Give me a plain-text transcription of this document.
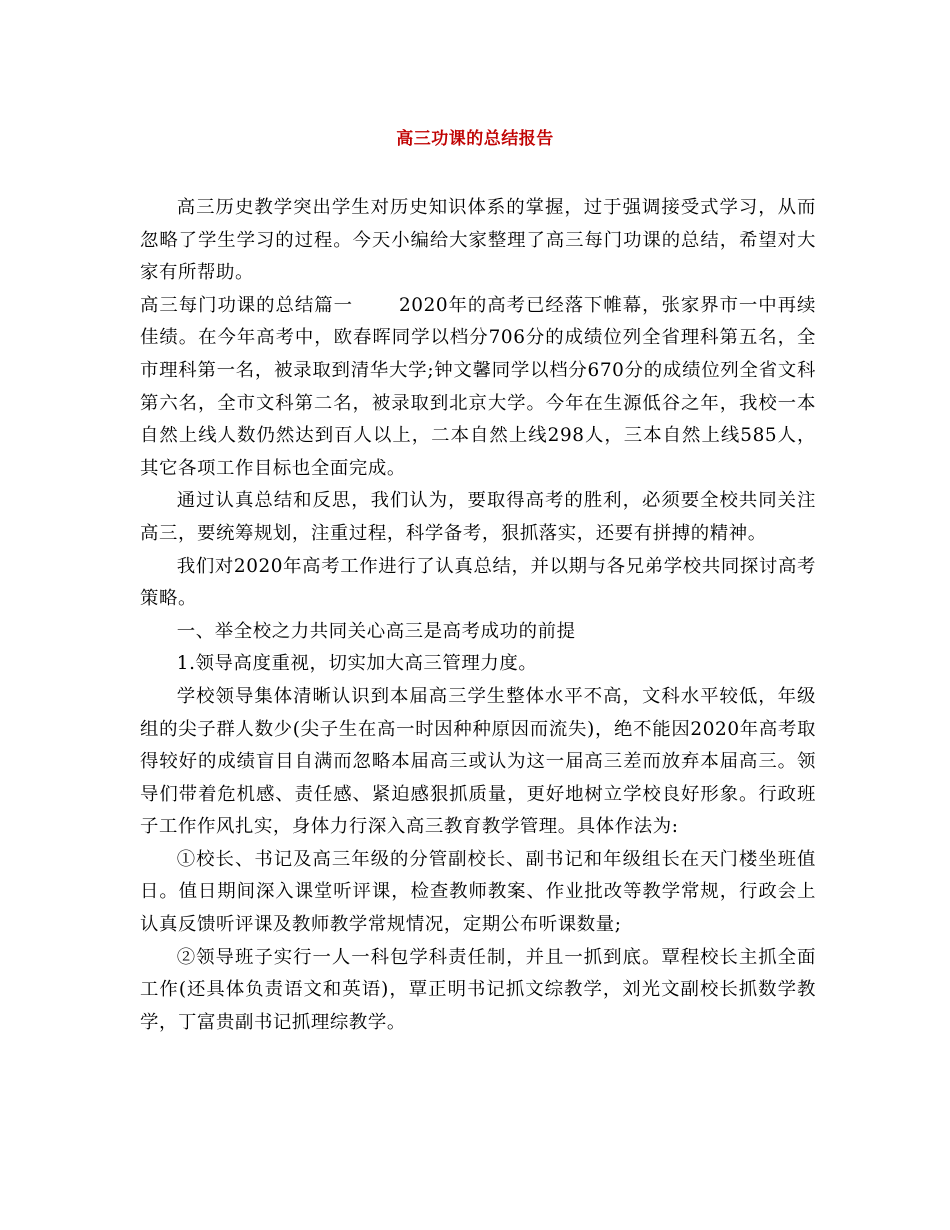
高三功课的总结报告

高三历史教学突出学生对历史知识体系的掌握，过于强调接受式学习，从而忽略了学生学习的过程。今天小编给大家整理了高三每门功课的总结，希望对大家有所帮助。

高三每门功课的总结篇一	2020年的高考已经落下帷幕，张家界市一中再续佳绩。在今年高考中，欧春晖同学以档分706分的成绩位列全省理科第五名，全市理科第一名，被录取到清华大学;钟文馨同学以档分670分的成绩位列全省文科第六名，全市文科第二名，被录取到北京大学。今年在生源低谷之年，我校一本自然上线人数仍然达到百人以上，二本自然上线298人，三本自然上线585人，其它各项工作目标也全面完成。

通过认真总结和反思，我们认为，要取得高考的胜利，必须要全校共同关注高三，要统筹规划，注重过程，科学备考，狠抓落实，还要有拼搏的精神。

我们对2020年高考工作进行了认真总结，并以期与各兄弟学校共同探讨高考策略。

一、举全校之力共同关心高三是高考成功的前提

1.领导高度重视，切实加大高三管理力度。

学校领导集体清晰认识到本届高三学生整体水平不高，文科水平较低，年级组的尖子群人数少(尖子生在高一时因种种原因而流失)，绝不能因2020年高考取得较好的成绩盲目自满而忽略本届高三或认为这一届高三差而放弃本届高三。领导们带着危机感、责任感、紧迫感狠抓质量，更好地树立学校良好形象。行政班子工作作风扎实，身体力行深入高三教育教学管理。具体作法为:

①校长、书记及高三年级的分管副校长、副书记和年级组长在天门楼坐班值日。值日期间深入课堂听评课，检查教师教案、作业批改等教学常规，行政会上认真反馈听评课及教师教学常规情况，定期公布听课数量;

②领导班子实行一人一科包学科责任制，并且一抓到底。覃程校长主抓全面工作(还具体负责语文和英语)，覃正明书记抓文综教学，刘光文副校长抓数学教学，丁富贵副书记抓理综教学。
